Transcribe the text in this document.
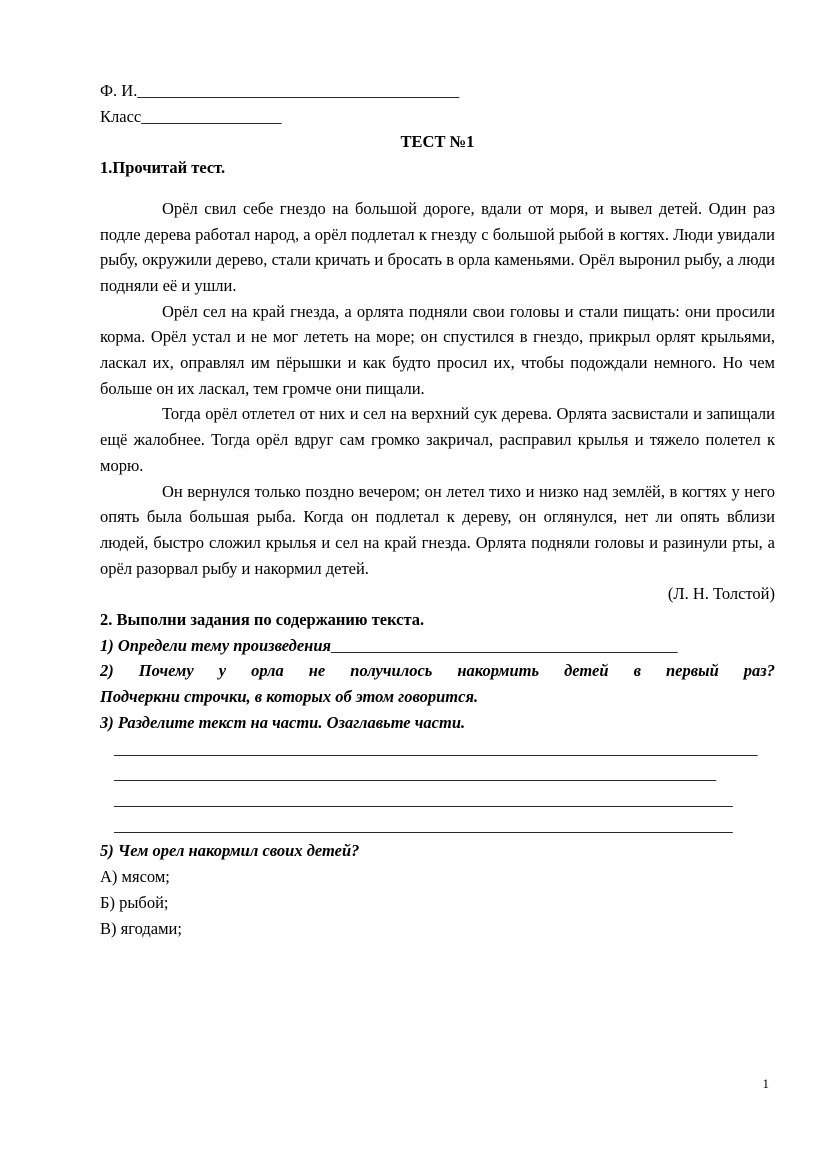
Ф. И._______________________________________

Класс_________________

ТЕСТ №1

1.Прочитай тест.

Орёл свил себе гнездо на большой дороге, вдали от моря, и вывел детей. Один раз подле дерева работал народ, а орёл подлетал к гнезду с большой рыбой в когтях. Люди увидали рыбу, окружили дерево, стали кричать и бросать в орла каменьями. Орёл выронил рыбу, а люди подняли её и ушли.

Орёл сел на край гнезда, а орлята подняли свои головы и стали пищать: они просили корма. Орёл устал и не мог лететь на море; он спустился в гнездо, прикрыл орлят крыльями, ласкал их, оправлял им пёрышки и как будто просил их, чтобы подождали немного. Но чем больше он их ласкал, тем громче они пищали.

Тогда орёл отлетел от них и сел на верхний сук дерева. Орлята засвистали и запищали ещё жалобнее. Тогда орёл вдруг сам громко закричал, расправил крылья и тяжело полетел к морю.

Он вернулся только поздно вечером; он летел тихо и низко над землёй, в когтях у него опять была большая рыба. Когда он подлетал к дереву, он оглянулся, нет ли опять вблизи людей, быстро сложил крылья и сел на край гнезда. Орлята подняли головы и разинули рты, а орёл разорвал рыбу и накормил детей.

(Л. Н. Толстой)

2. Выполни задания по содержанию текста.

1) Определи тему произведения__________________________________________

2) Почему у орла не получилось накормить детей в первый раз?

Подчеркни строчки, в которых об этом говорится.

3) Разделите текст на части. Озаглавьте части.

______________________________________________________________________________

_________________________________________________________________________

___________________________________________________________________________

___________________________________________________________________________

5) Чем орел накормил своих детей?

А) мясом;

Б) рыбой;

В) ягодами;

1
